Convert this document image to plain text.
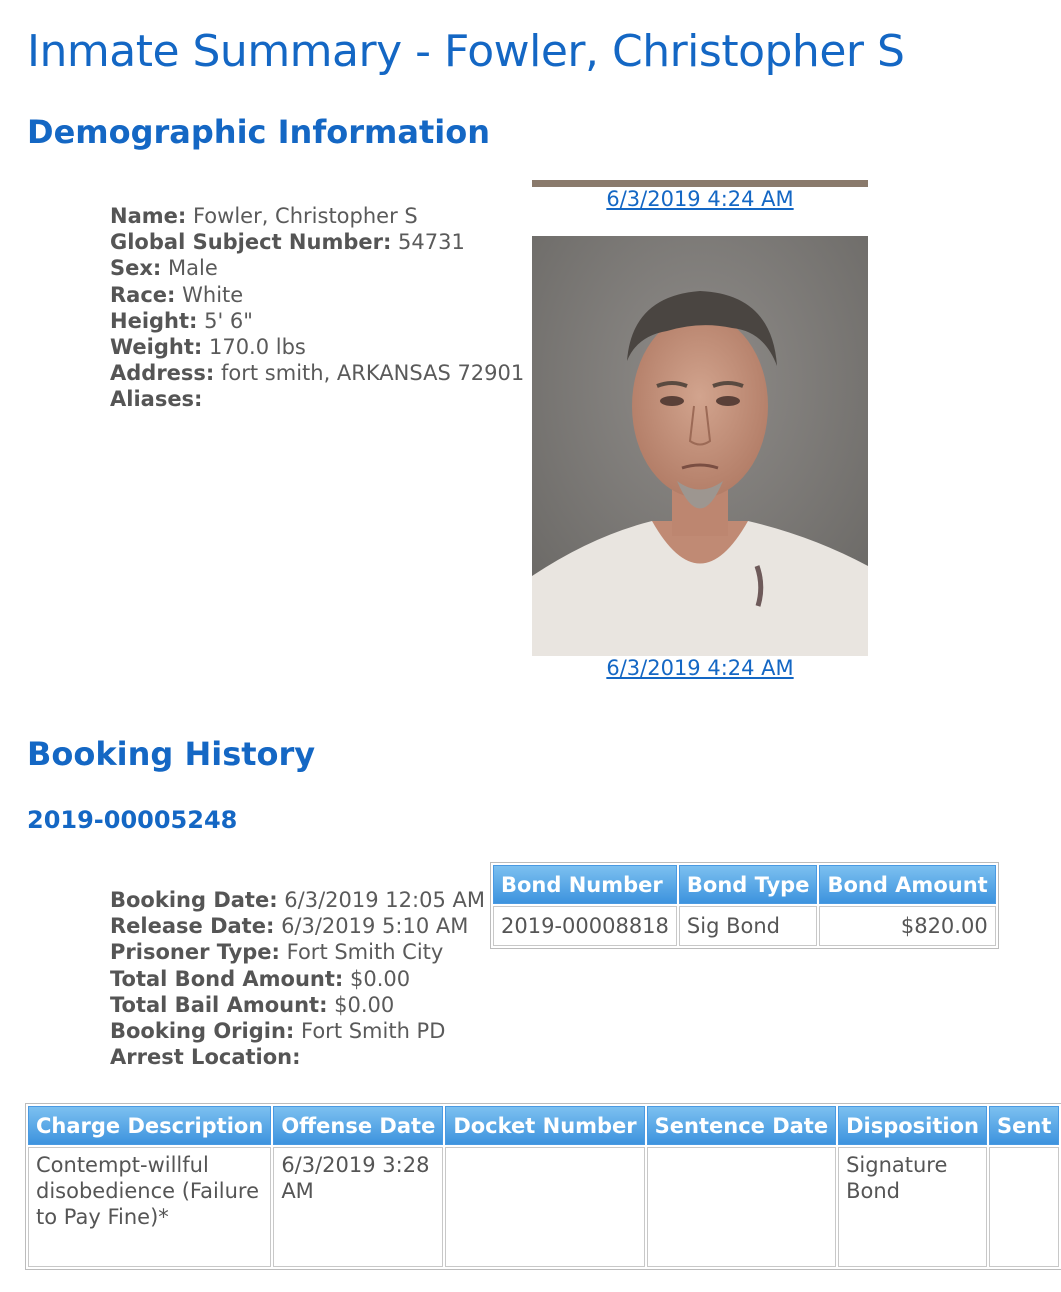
Inmate Summary - Fowler, Christopher S
Demographic Information
Name: Fowler, Christopher S
Global Subject Number: 54731
Sex: Male
Race: White
Height: 5' 6"
Weight: 170.0 lbs
Address: fort smith, ARKANSAS 72901
Aliases:
6/3/2019 4:24 AM
6/3/2019 4:24 AM
Booking History
2019-00005248
Booking Date: 6/3/2019 12:05 AM
Release Date: 6/3/2019 5:10 AM
Prisoner Type: Fort Smith City
Total Bond Amount: $0.00
Total Bail Amount: $0.00
Booking Origin: Fort Smith PD
Arrest Location:
Bond Number	Bond Type	Bond Amount
2019-00008818	Sig Bond	$820.00
Charge Description	Offense Date	Docket Number	Sentence Date	Disposition	Sent
Contempt-willful disobedience (Failure to Pay Fine)*	6/3/2019 3:28 AM			Signature Bond	
